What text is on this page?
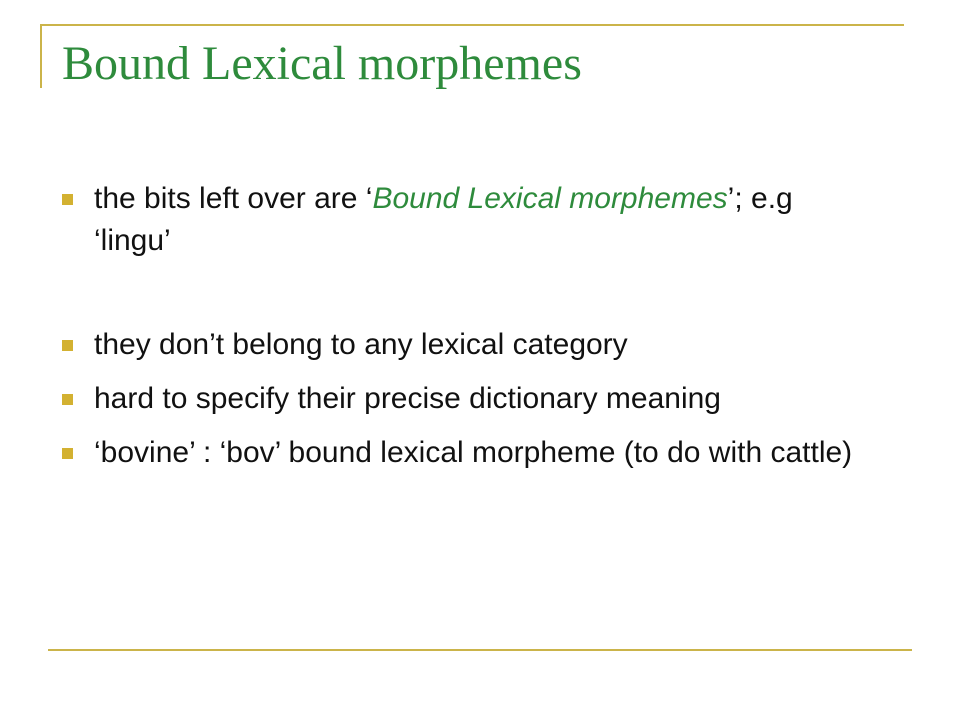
Bound Lexical morphemes
the bits left over are ‘Bound Lexical morphemes’; e.g ‘lingu’
they don’t belong to any lexical category
hard to specify their precise dictionary meaning
‘bovine’ : ‘bov’ bound lexical morpheme (to do with cattle)
